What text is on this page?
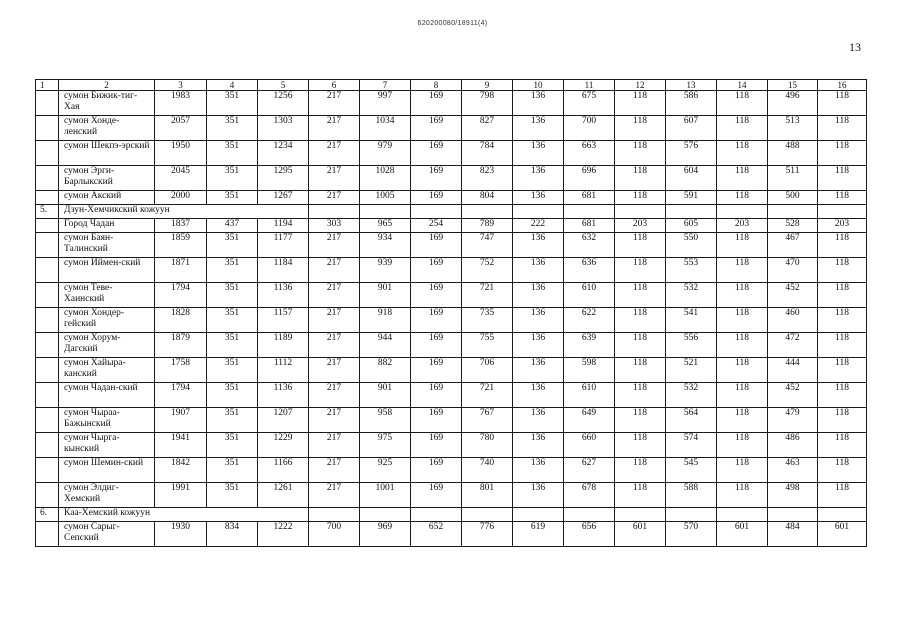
620200080/18911(4)
13
1	2	3	4	5	6	7	8	9	10	11	12	13	14	15	16
	сумон Бижик-тиг-Хая	1983	351	1256	217	997	169	798	136	675	118	586	118	496	118
	сумон Хонде-ленский	2057	351	1303	217	1034	169	827	136	700	118	607	118	513	118
	сумон Шекпэ-эрский	1950	351	1234	217	979	169	784	136	663	118	576	118	488	118
	сумон Эрги-Барлыкский	2045	351	1295	217	1028	169	823	136	696	118	604	118	511	118
	сумон Акский	2000	351	1267	217	1005	169	804	136	681	118	591	118	500	118
5.	Дзун-Хемчикский кожуун														
	Город Чадан	1837	437	1194	303	965	254	789	222	681	203	605	203	528	203
	сумон Баян-Талинский	1859	351	1177	217	934	169	747	136	632	118	550	118	467	118
	сумон Иймен-ский	1871	351	1184	217	939	169	752	136	636	118	553	118	470	118
	сумон Теве-Хаинский	1794	351	1136	217	901	169	721	136	610	118	532	118	452	118
	сумон Хондер-гейский	1828	351	1157	217	918	169	735	136	622	118	541	118	460	118
	сумон Хорум-Дагский	1879	351	1189	217	944	169	755	136	639	118	556	118	472	118
	сумон Хайыра-канский	1758	351	1112	217	882	169	706	136	598	118	521	118	444	118
	сумон Чадан-ский	1794	351	1136	217	901	169	721	136	610	118	532	118	452	118
	сумон Чыраа-Бажынский	1907	351	1207	217	958	169	767	136	649	118	564	118	479	118
	сумон Чырга-кынский	1941	351	1229	217	975	169	780	136	660	118	574	118	486	118
	сумон Шемин-ский	1842	351	1166	217	925	169	740	136	627	118	545	118	463	118
	сумон Элдиг-Хемский	1991	351	1261	217	1001	169	801	136	678	118	588	118	498	118
6.	Каа-Хемский кожуун														
	сумон Сарыг-Сепский	1930	834	1222	700	969	652	776	619	656	601	570	601	484	601
